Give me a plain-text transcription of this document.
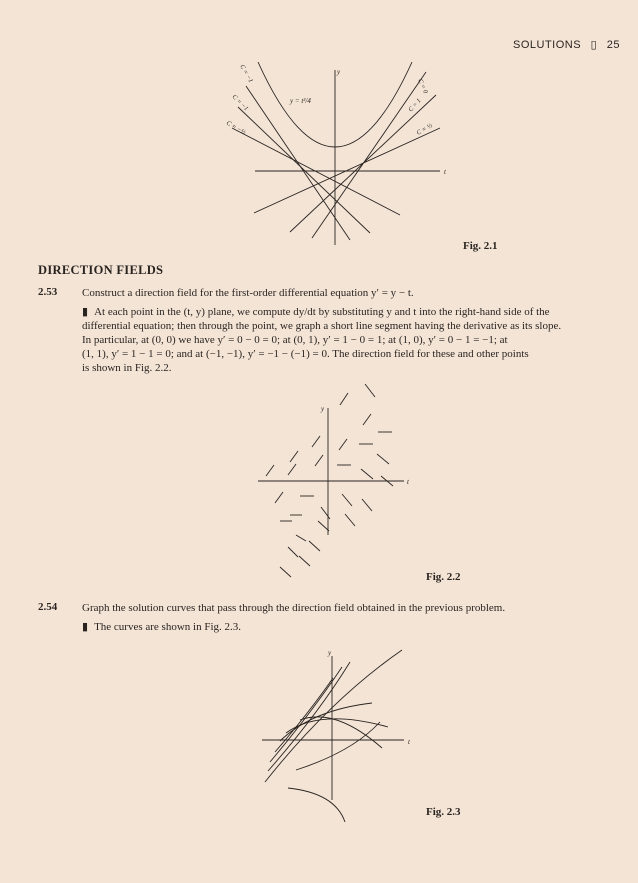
SOLUTIONS ▯ 25
y
t
y = t²/4
C = 0
C = ½
C = 1
C = −1
C = −½
C = −1
Fig. 2.1
DIRECTION FIELDS
2.53 Construct a direction field for the first-order differential equation y′ = y − t.
▮ At each point in the (t, y) plane, we compute dy/dt by substituting y and t into the right-hand side of the
differential equation; then through the point, we graph a short line segment having the derivative as its slope.
In particular, at (0, 0) we have y′ = 0 − 0 = 0; at (0, 1), y′ = 1 − 0 = 1; at (1, 0), y′ = 0 − 1 = −1; at
(1, 1), y′ = 1 − 1 = 0; and at (−1, −1), y′ = −1 − (−1) = 0. The direction field for these and other points
is shown in Fig. 2.2.
y
t
Fig. 2.2
2.54 Graph the solution curves that pass through the direction field obtained in the previous problem.
▮ The curves are shown in Fig. 2.3.
y
t
Fig. 2.3
